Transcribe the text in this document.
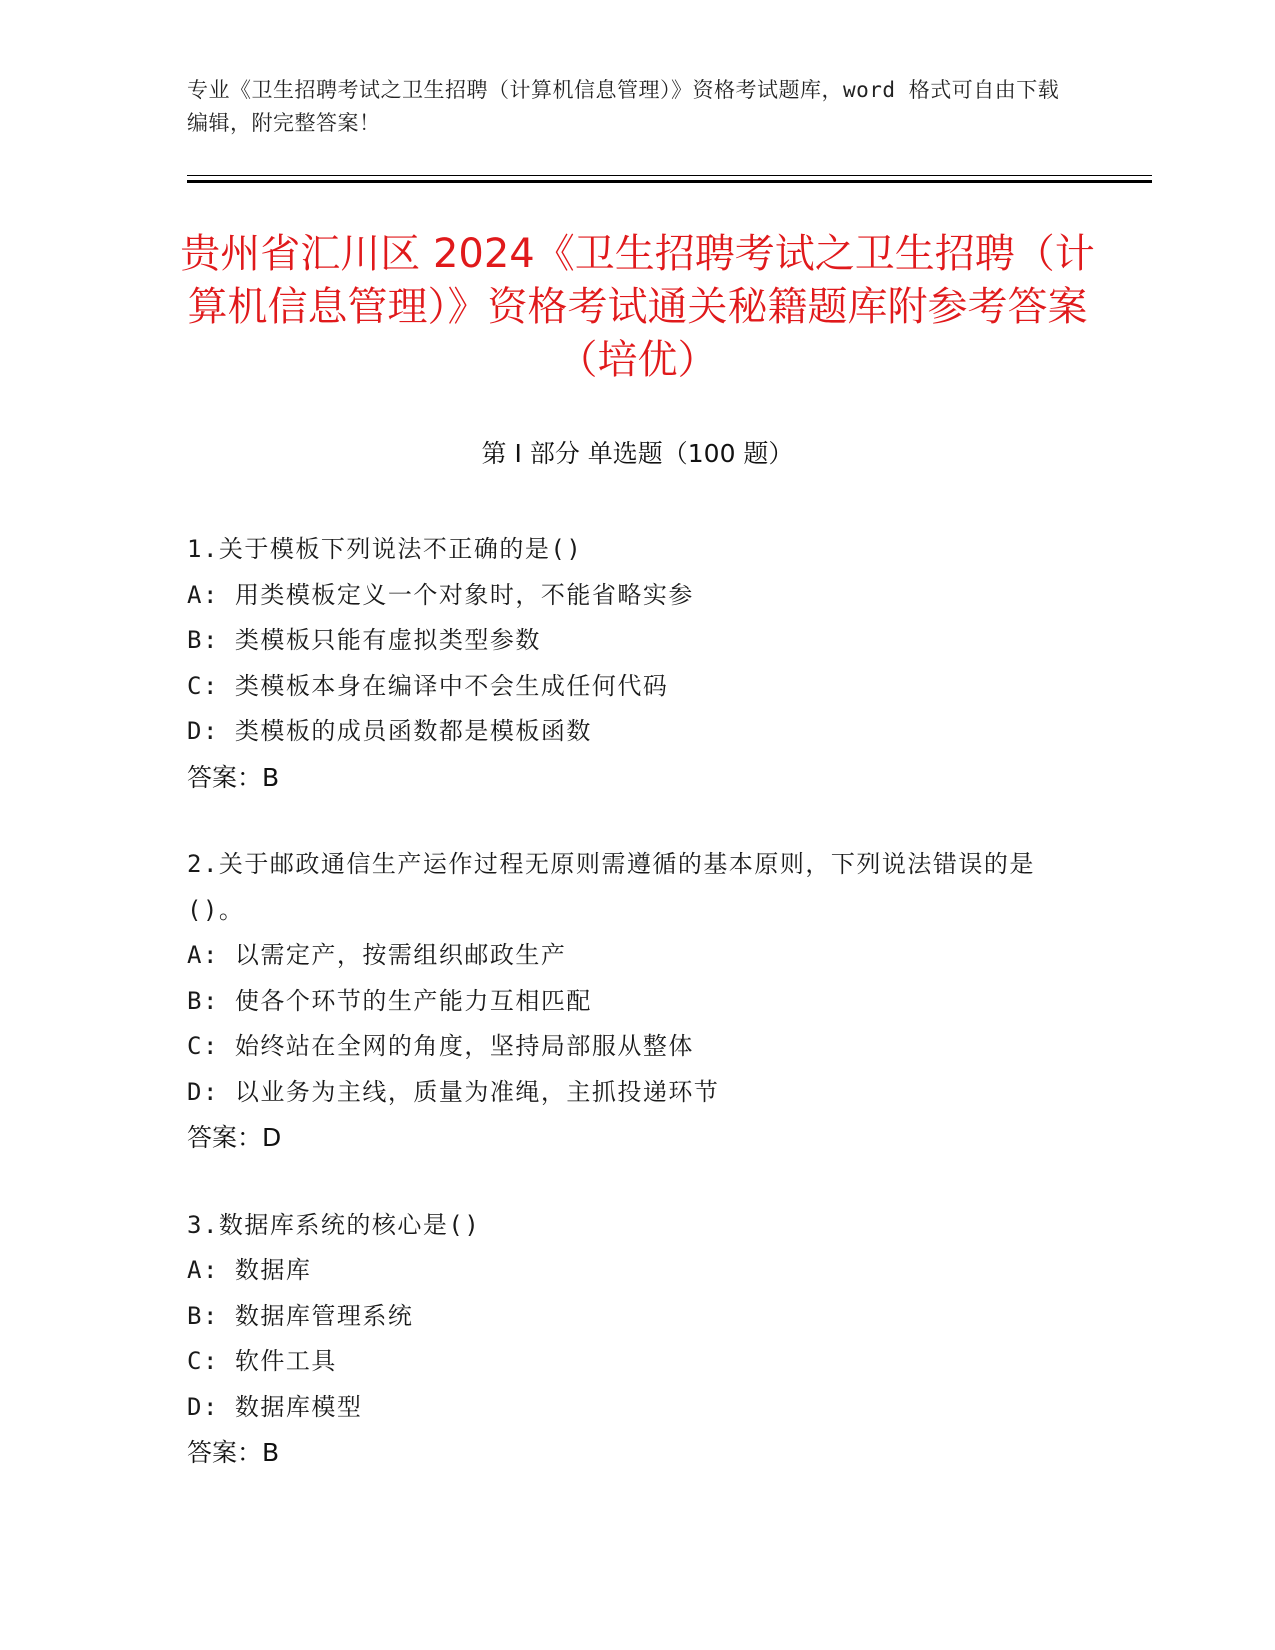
专业《卫生招聘考试之卫生招聘（计算机信息管理）》资格考试题库，word 格式可自由下载编辑，附完整答案！
贵州省汇川区 2024《卫生招聘考试之卫生招聘（计算机信息管理）》资格考试通关秘籍题库附参考答案（培优）
第 I 部分 单选题（100 题）
1.关于模板下列说法不正确的是()
A: 用类模板定义一个对象时，不能省略实参
B: 类模板只能有虚拟类型参数
C: 类模板本身在编译中不会生成任何代码
D: 类模板的成员函数都是模板函数
答案：B
2.关于邮政通信生产运作过程无原则需遵循的基本原则，下列说法错误的是()。
A: 以需定产，按需组织邮政生产
B: 使各个环节的生产能力互相匹配
C: 始终站在全网的角度，坚持局部服从整体
D: 以业务为主线，质量为准绳，主抓投递环节
答案：D
3.数据库系统的核心是()
A: 数据库
B: 数据库管理系统
C: 软件工具
D: 数据库模型
答案：B
